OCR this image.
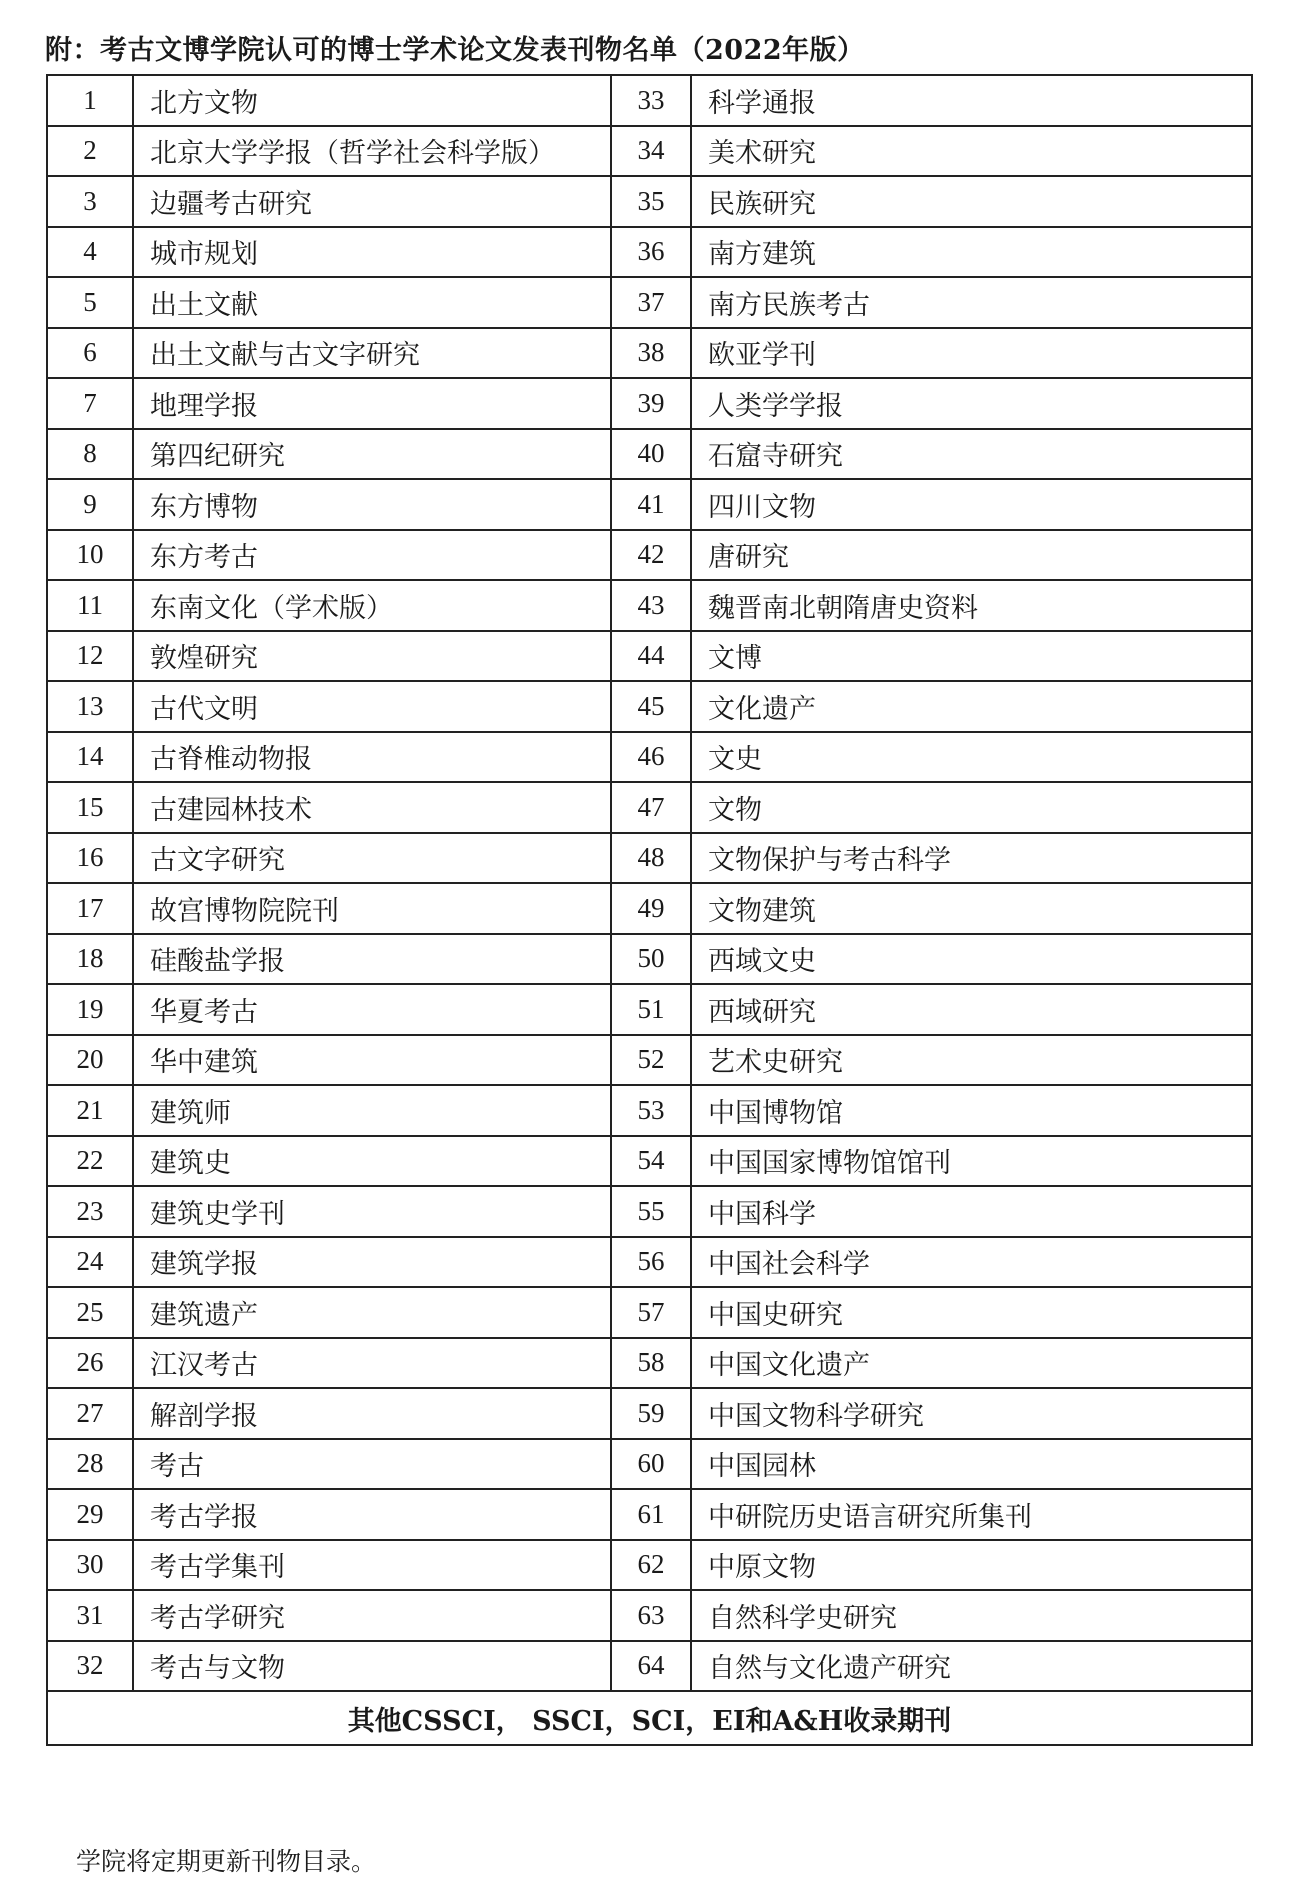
附：考古文博学院认可的博士学术论文发表刊物名单（2022年版）
1	北方文物	33	科学通报
2	北京大学学报（哲学社会科学版）	34	美术研究
3	边疆考古研究	35	民族研究
4	城市规划	36	南方建筑
5	出土文献	37	南方民族考古
6	出土文献与古文字研究	38	欧亚学刊
7	地理学报	39	人类学学报
8	第四纪研究	40	石窟寺研究
9	东方博物	41	四川文物
10	东方考古	42	唐研究
11	东南文化（学术版）	43	魏晋南北朝隋唐史资料
12	敦煌研究	44	文博
13	古代文明	45	文化遗产
14	古脊椎动物报	46	文史
15	古建园林技术	47	文物
16	古文字研究	48	文物保护与考古科学
17	故宫博物院院刊	49	文物建筑
18	硅酸盐学报	50	西域文史
19	华夏考古	51	西域研究
20	华中建筑	52	艺术史研究
21	建筑师	53	中国博物馆
22	建筑史	54	中国国家博物馆馆刊
23	建筑史学刊	55	中国科学
24	建筑学报	56	中国社会科学
25	建筑遗产	57	中国史研究
26	江汉考古	58	中国文化遗产
27	解剖学报	59	中国文物科学研究
28	考古	60	中国园林
29	考古学报	61	中研院历史语言研究所集刊
30	考古学集刊	62	中原文物
31	考古学研究	63	自然科学史研究
32	考古与文物	64	自然与文化遗产研究
其他CSSCI， SSCI，SCI，EI和A&H收录期刊			
学院将定期更新刊物目录。
